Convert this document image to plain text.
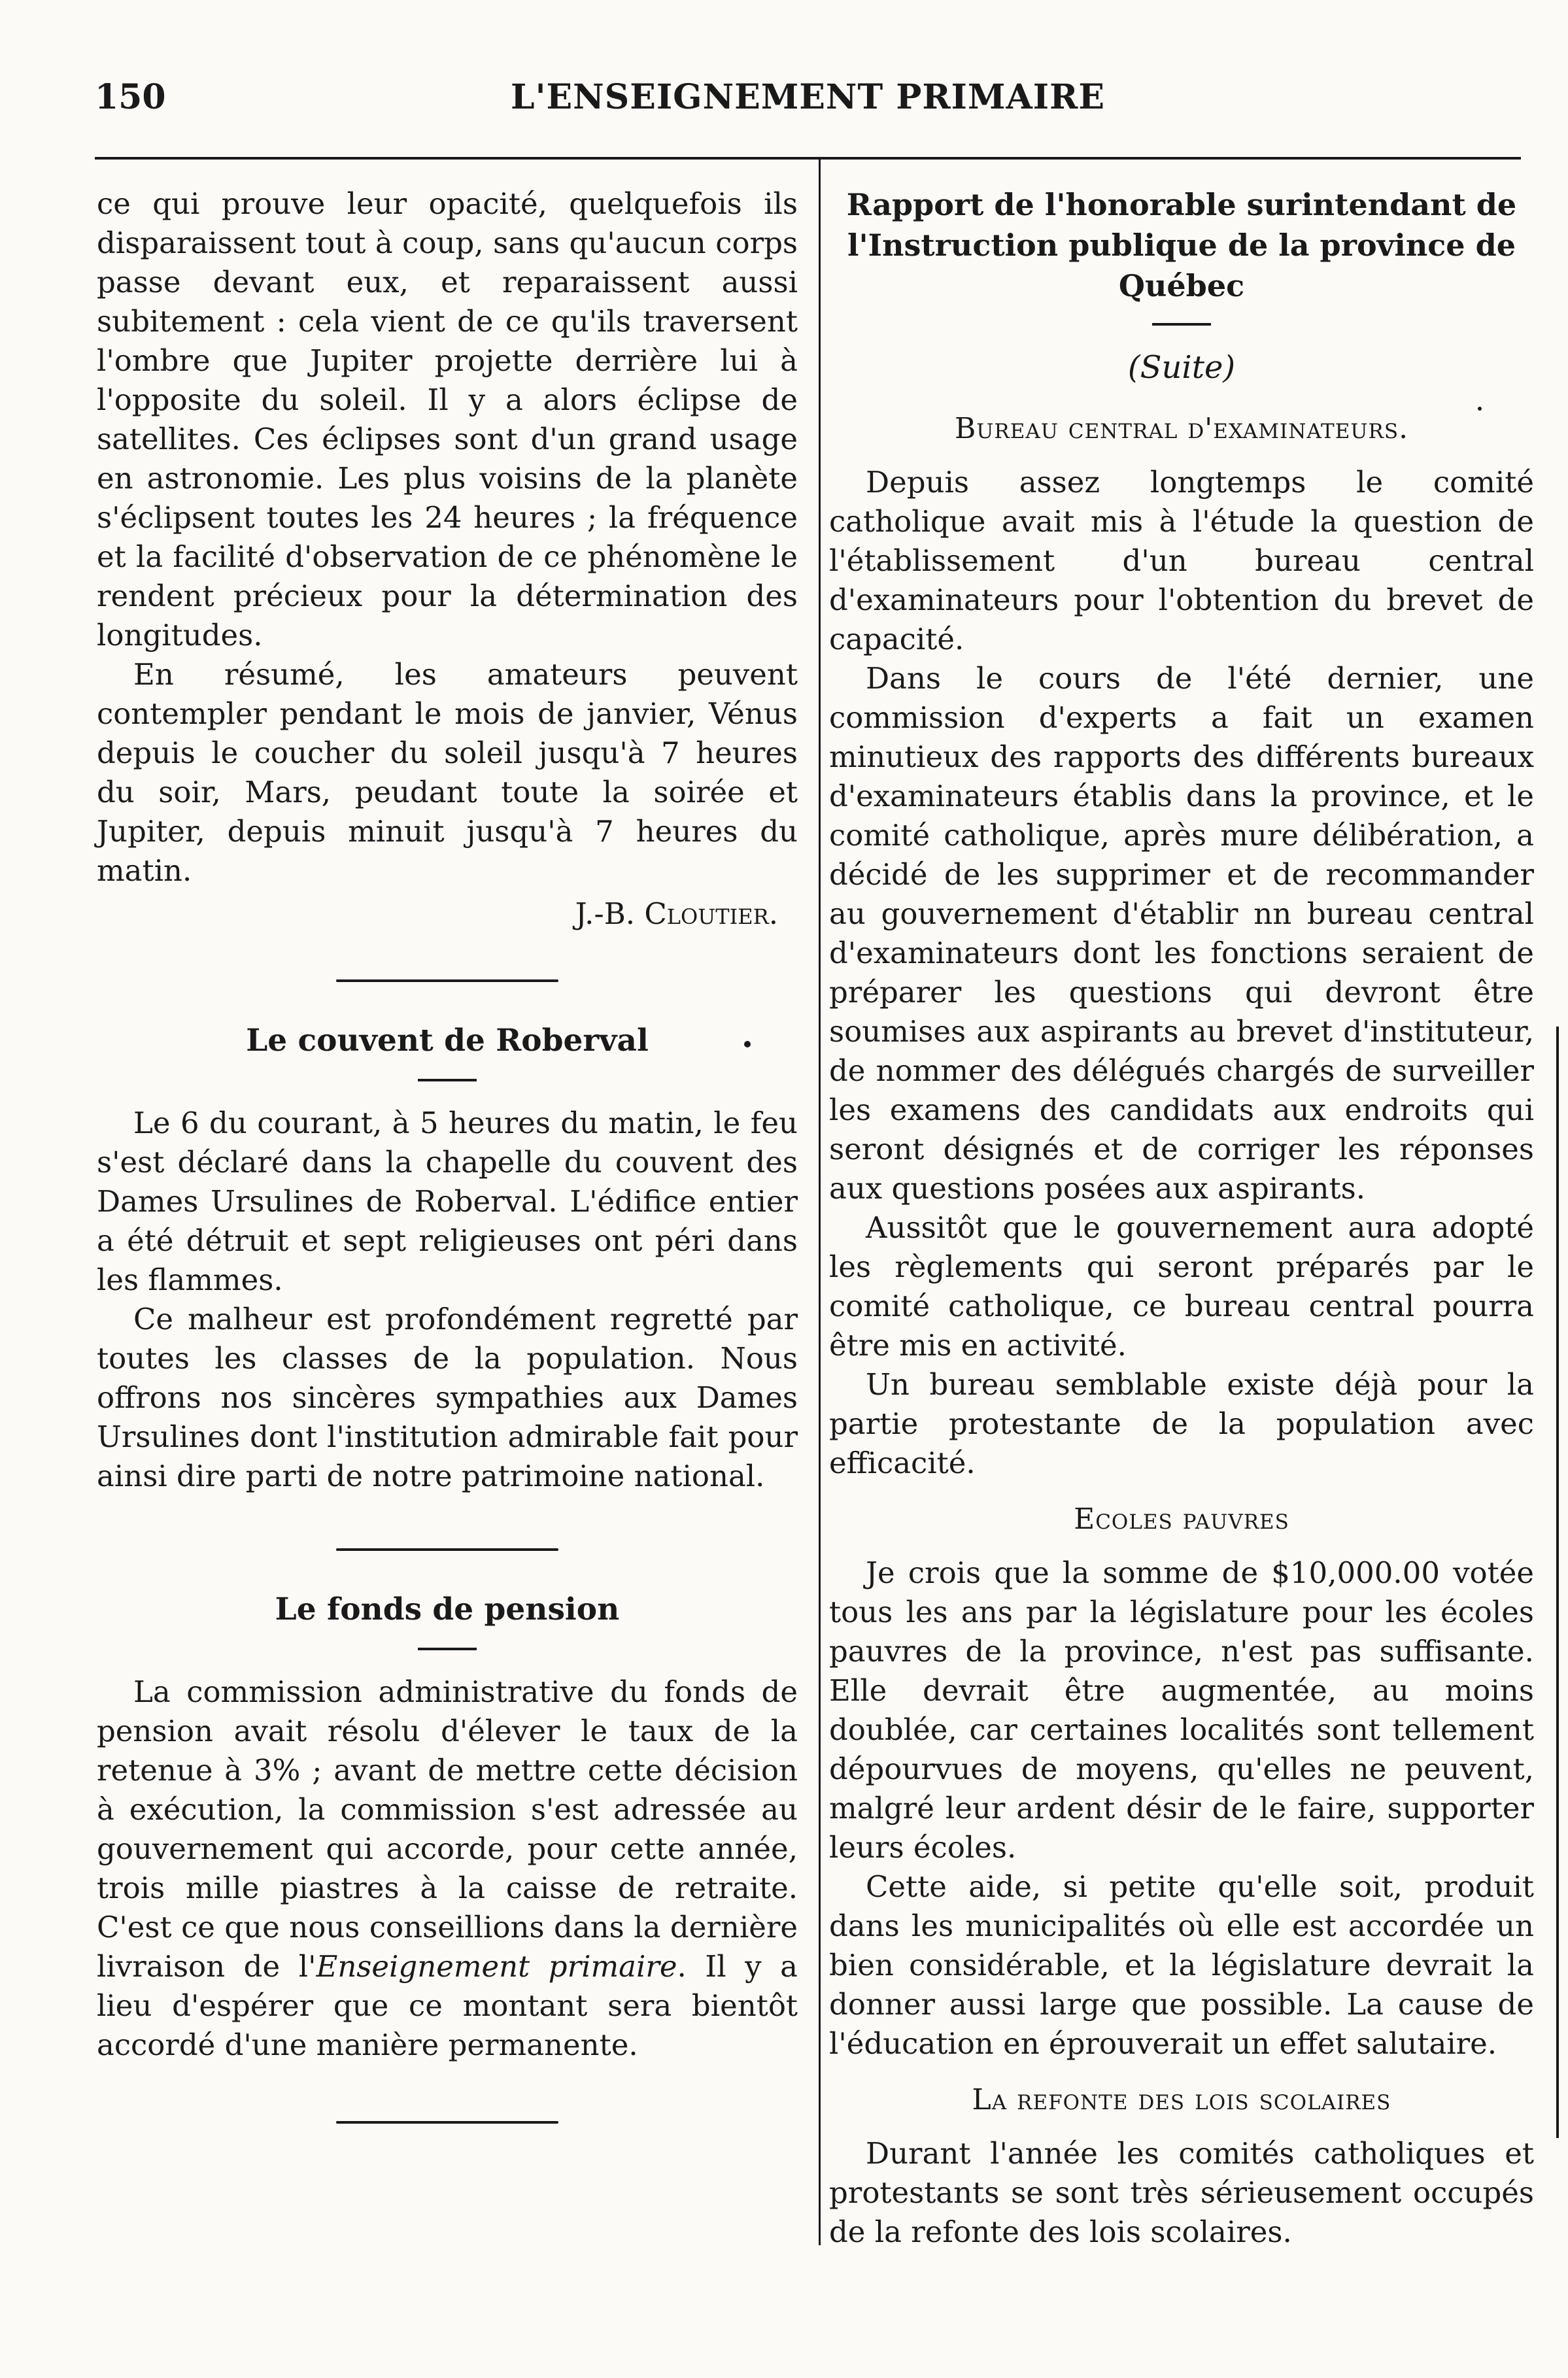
150	L'ENSEIGNEMENT PRIMAIRE

ce qui prouve leur opacité, quelquefois ils disparaissent tout à coup, sans qu'aucun corps passe devant eux, et reparaissent aussi subitement : cela vient de ce qu'ils traversent l'ombre que Jupiter projette derrière lui à l'opposite du soleil. Il y a alors éclipse de satellites. Ces éclipses sont d'un grand usage en astronomie. Les plus voisins de la planète s'éclipsent toutes les 24 heures ; la fréquence et la facilité d'observation de ce phénomène le rendent précieux pour la détermination des longitudes.

En résumé, les amateurs peuvent contempler pendant le mois de janvier, Vénus depuis le coucher du soleil jusqu'à 7 heures du soir, Mars, peudant toute la soirée et Jupiter, depuis minuit jusqu'à 7 heures du matin.

J.-B. Cloutier.
Le couvent de Roberval

Le 6 du courant, à 5 heures du matin, le feu s'est déclaré dans la chapelle du couvent des Dames Ursulines de Roberval. L'édifice entier a été détruit et sept religieuses ont péri dans les flammes.

Ce malheur est profondément regretté par toutes les classes de la population. Nous offrons nos sincères sympathies aux Dames Ursulines dont l'institution admirable fait pour ainsi dire parti de notre patrimoine national.

Le fonds de pension

La commission administrative du fonds de pension avait résolu d'élever le taux de la retenue à 3% ; avant de mettre cette décision à exécution, la commission s'est adressée au gouvernement qui accorde, pour cette année, trois mille piastres à la caisse de retraite. C'est ce que nous conseillions dans la dernière livraison de l'Enseignement primaire. Il y a lieu d'espérer que ce montant sera bientôt accordé d'une manière permanente.

Rapport de l'honorable surintendant de l'Instruction publique de la province de Québec
(Suite)
Bureau central d'examinateurs.

Depuis assez longtemps le comité catholique avait mis à l'étude la question de l'établissement d'un bureau central d'examinateurs pour l'obtention du brevet de capacité.

Dans le cours de l'été dernier, une commission d'experts a fait un examen minutieux des rapports des différents bureaux d'examinateurs établis dans la province, et le comité catholique, après mure délibération, a décidé de les supprimer et de recommander au gouvernement d'établir nn bureau central d'examinateurs dont les fonctions seraient de préparer les questions qui devront être soumises aux aspirants au brevet d'instituteur, de nommer des délégués chargés de surveiller les examens des candidats aux endroits qui seront désignés et de corriger les réponses aux questions posées aux aspirants.

Aussitôt que le gouvernement aura adopté les règlements qui seront préparés par le comité catholique, ce bureau central pourra être mis en activité.

Un bureau semblable existe déjà pour la partie protestante de la population avec efficacité.

Ecoles pauvres

Je crois que la somme de $10,000.00 votée tous les ans par la législature pour les écoles pauvres de la province, n'est pas suffisante. Elle devrait être augmentée, au moins doublée, car certaines localités sont tellement dépourvues de moyens, qu'elles ne peuvent, malgré leur ardent désir de le faire, supporter leurs écoles.

Cette aide, si petite qu'elle soit, produit dans les municipalités où elle est accordée un bien considérable, et la législature devrait la donner aussi large que possible. La cause de l'éducation en éprouverait un effet salutaire.

La refonte des lois scolaires

Durant l'année les comités catholiques et protestants se sont très sérieusement occupés de la refonte des lois scolaires.
